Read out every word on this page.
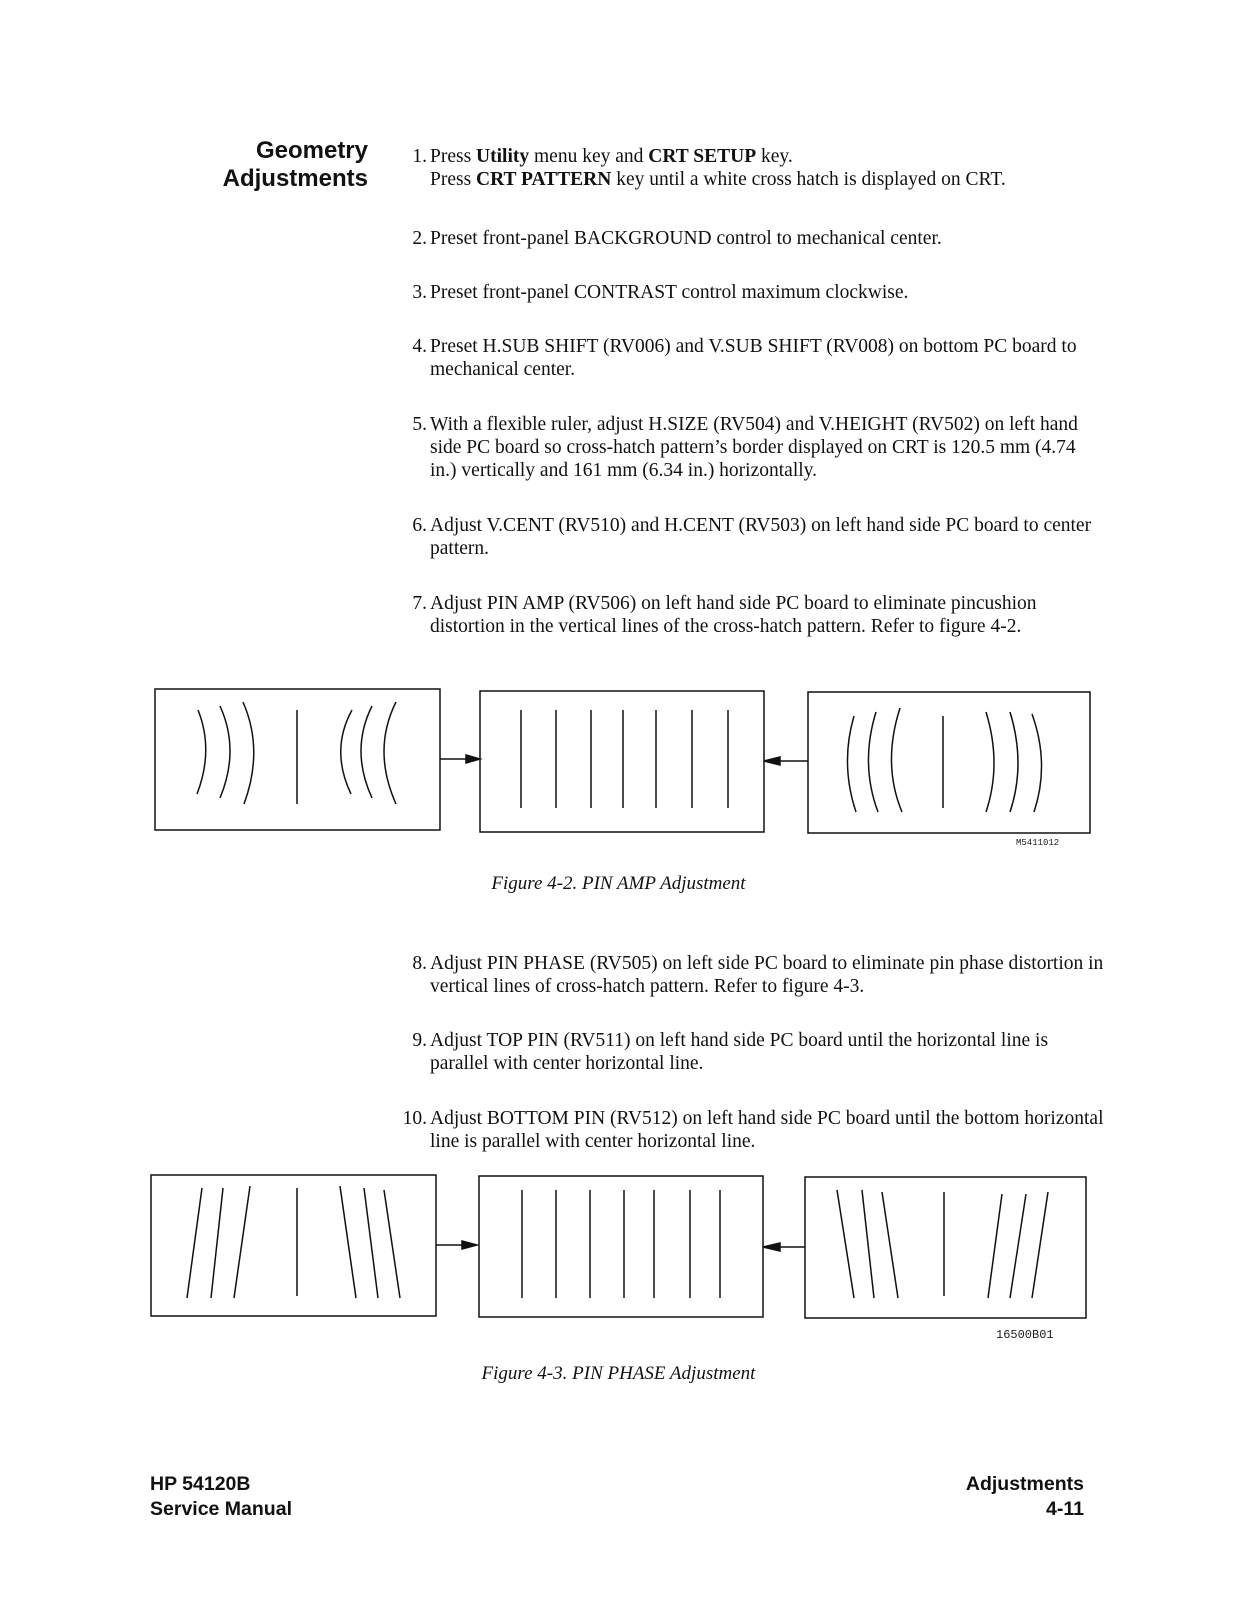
Geometry
Adjustments
1. Press Utility menu key and CRT SETUP key.
Press CRT PATTERN key until a white cross hatch is displayed on CRT.
2. Preset front-panel BACKGROUND control to mechanical center.
3. Preset front-panel CONTRAST control maximum clockwise.
4. Preset H.SUB SHIFT (RV006) and V.SUB SHIFT (RV008) on bottom PC board to mechanical center.
5. With a flexible ruler, adjust H.SIZE (RV504) and V.HEIGHT (RV502) on left hand side PC board so cross-hatch pattern’s border displayed on CRT is 120.5 mm (4.74 in.) vertically and 161 mm (6.34 in.) horizontally.
6. Adjust V.CENT (RV510) and H.CENT (RV503) on left hand side PC board to center pattern.
7. Adjust PIN AMP (RV506) on left hand side PC board to eliminate pincushion distortion in the vertical lines of the cross-hatch pattern. Refer to figure 4-2.
M5411012
Figure 4-2. PIN AMP Adjustment
8. Adjust PIN PHASE (RV505) on left side PC board to eliminate pin phase distortion in vertical lines of cross-hatch pattern. Refer to figure 4-3.
9. Adjust TOP PIN (RV511) on left hand side PC board until the horizontal line is parallel with center horizontal line.
10. Adjust BOTTOM PIN (RV512) on left hand side PC board until the bottom horizontal line is parallel with center horizontal line.
16500B01
Figure 4-3. PIN PHASE Adjustment
HP 54120B
Service Manual
Adjustments
4-11
